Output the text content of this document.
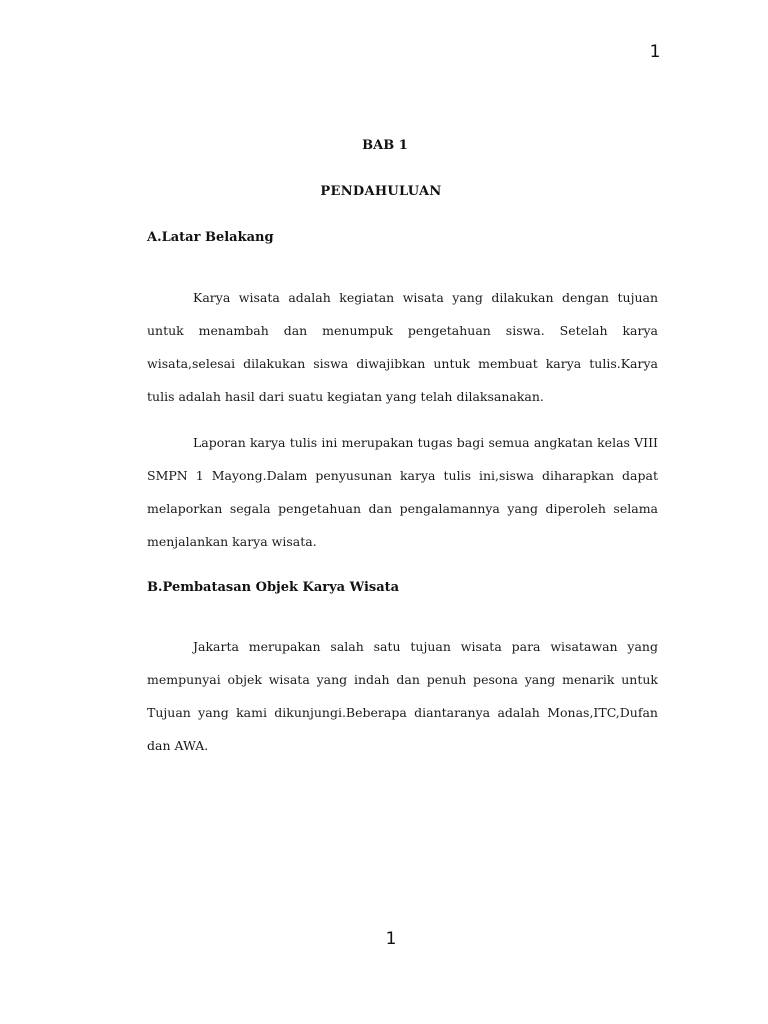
1
BAB 1
PENDAHULUAN
A.Latar Belakang

Karya wisata adalah kegiatan wisata yang dilakukan dengan tujuan untuk menambah dan menumpuk pengetahuan siswa. Setelah karya wisata,selesai dilakukan siswa diwajibkan untuk membuat karya tulis.Karya tulis adalah hasil dari suatu kegiatan yang telah dilaksanakan.

Laporan karya tulis ini merupakan tugas bagi semua angkatan kelas VIII SMPN 1 Mayong.Dalam penyusunan karya tulis ini,siswa diharapkan dapat melaporkan segala pengetahuan dan pengalamannya yang diperoleh selama menjalankan karya wisata.

B.Pembatasan Objek Karya Wisata

Jakarta merupakan salah satu tujuan wisata para wisatawan yang mempunyai objek wisata yang indah dan penuh pesona yang menarik untuk Tujuan yang kami dikunjungi.Beberapa diantaranya adalah Monas,ITC,Dufan dan AWA.

1
